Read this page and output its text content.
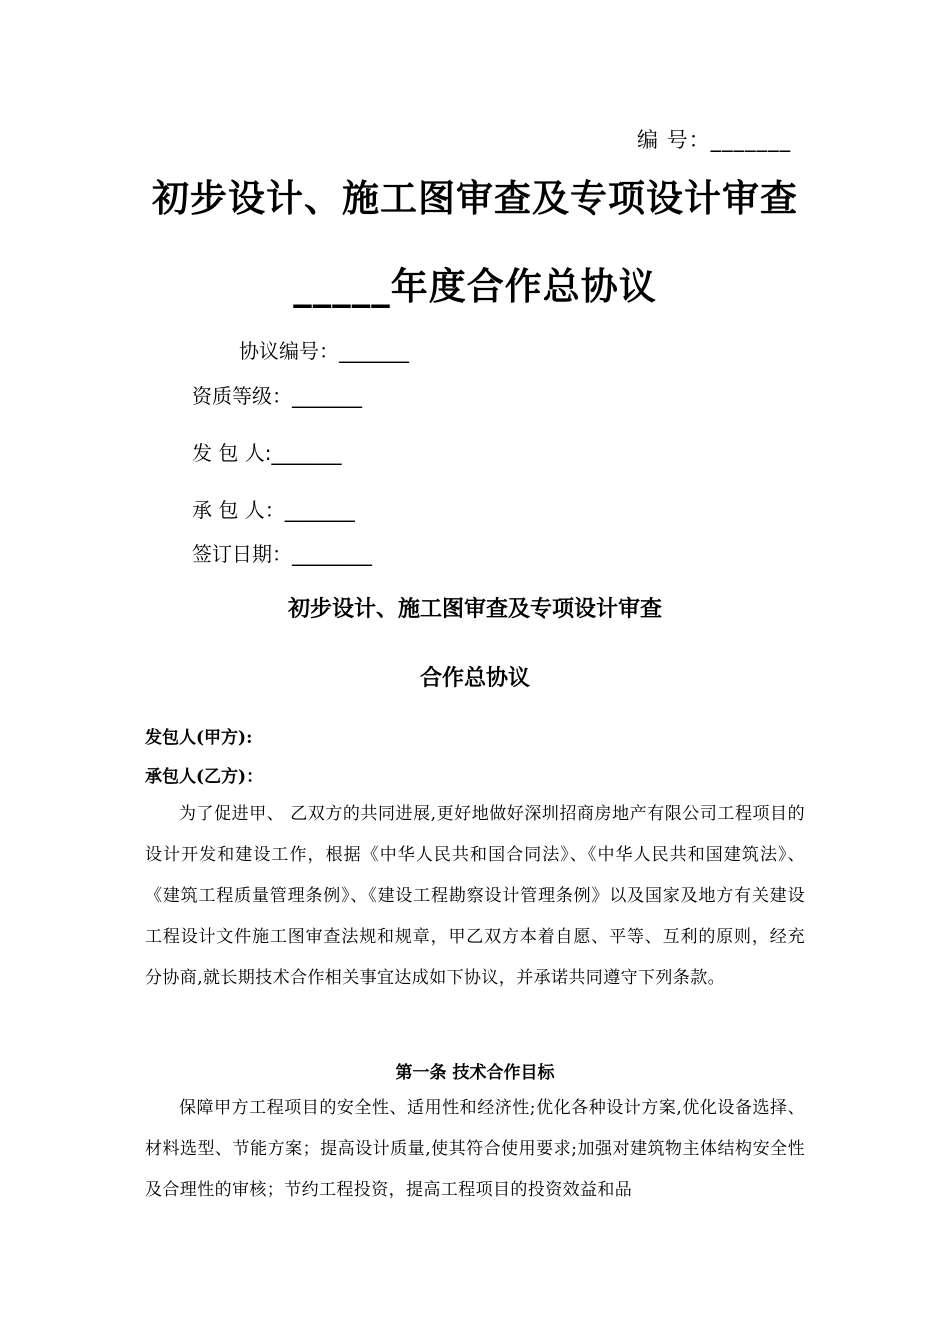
编 号：_______
初步设计、施工图审查及专项设计审查
_____年度合作总协议
协议编号：_______
资质等级：_______
发 包 人:_______
承 包 人：_______
签订日期：________
初步设计、施工图审查及专项设计审查
合作总协议
发包人(甲方):
承包人(乙方)：
为了促进甲、 乙双方的共同进展,更好地做好深圳招商房地产有限公司工程项目的设计开发和建设工作，根据《中华人民共和国合同法》、《中华人民共和国建筑法》、《建筑工程质量管理条例》、《建设工程勘察设计管理条例》以及国家及地方有关建设工程设计文件施工图审查法规和规章，甲乙双方本着自愿、平等、互利的原则，经充分协商,就长期技术合作相关事宜达成如下协议，并承诺共同遵守下列条款。
第一条 技术合作目标
保障甲方工程项目的安全性、适用性和经济性;优化各种设计方案,优化设备选择、材料选型、节能方案；提高设计质量,使其符合使用要求;加强对建筑物主体结构安全性及合理性的审核；节约工程投资，提高工程项目的投资效益和品
